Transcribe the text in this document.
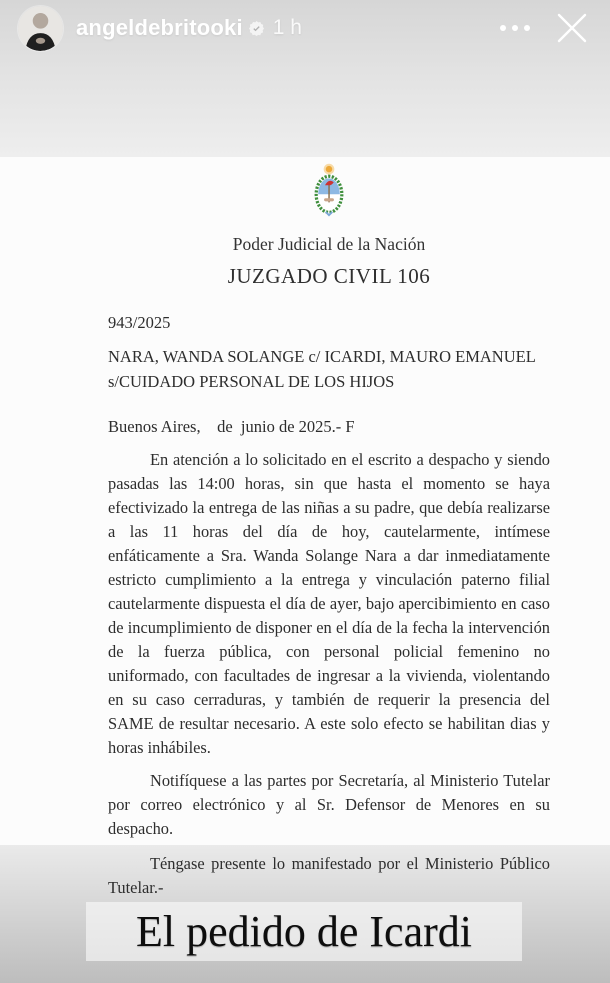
angeldebritooki 1 h
Poder Judicial de la Nación
JUZGADO CIVIL 106
943/2025
NARA, WANDA SOLANGE c/ ICARDI, MAURO EMANUEL
s/CUIDADO PERSONAL DE LOS HIJOS
Buenos Aires,    de  junio de 2025.- F

En atención a lo solicitado en el escrito a despacho y siendo pasadas las 14:00 horas, sin que hasta el momento se haya efectivizado la entrega de las niñas a su padre, que debía realizarse a las 11 horas del día de hoy, cautelarmente, intímese enfáticamente a Sra. Wanda Solange Nara a dar inmediatamente estricto cumplimiento a la entrega y vinculación paterno filial cautelarmente dispuesta el día de ayer, bajo apercibimiento en caso de incumplimiento de disponer en el día de la fecha la intervención de la fuerza pública, con personal policial femenino no uniformado, con facultades de ingresar a la vivienda, violentando en su caso cerraduras, y también de requerir la presencia del SAME de resultar necesario. A este solo efecto se habilitan dias y horas inhábiles.

Notifíquese a las partes por Secretaría, al Ministerio Tutelar por correo electrónico y al Sr. Defensor de Menores en su despacho.

Téngase presente lo manifestado por el Ministerio Público Tutelar.-

El pedido de Icardi
